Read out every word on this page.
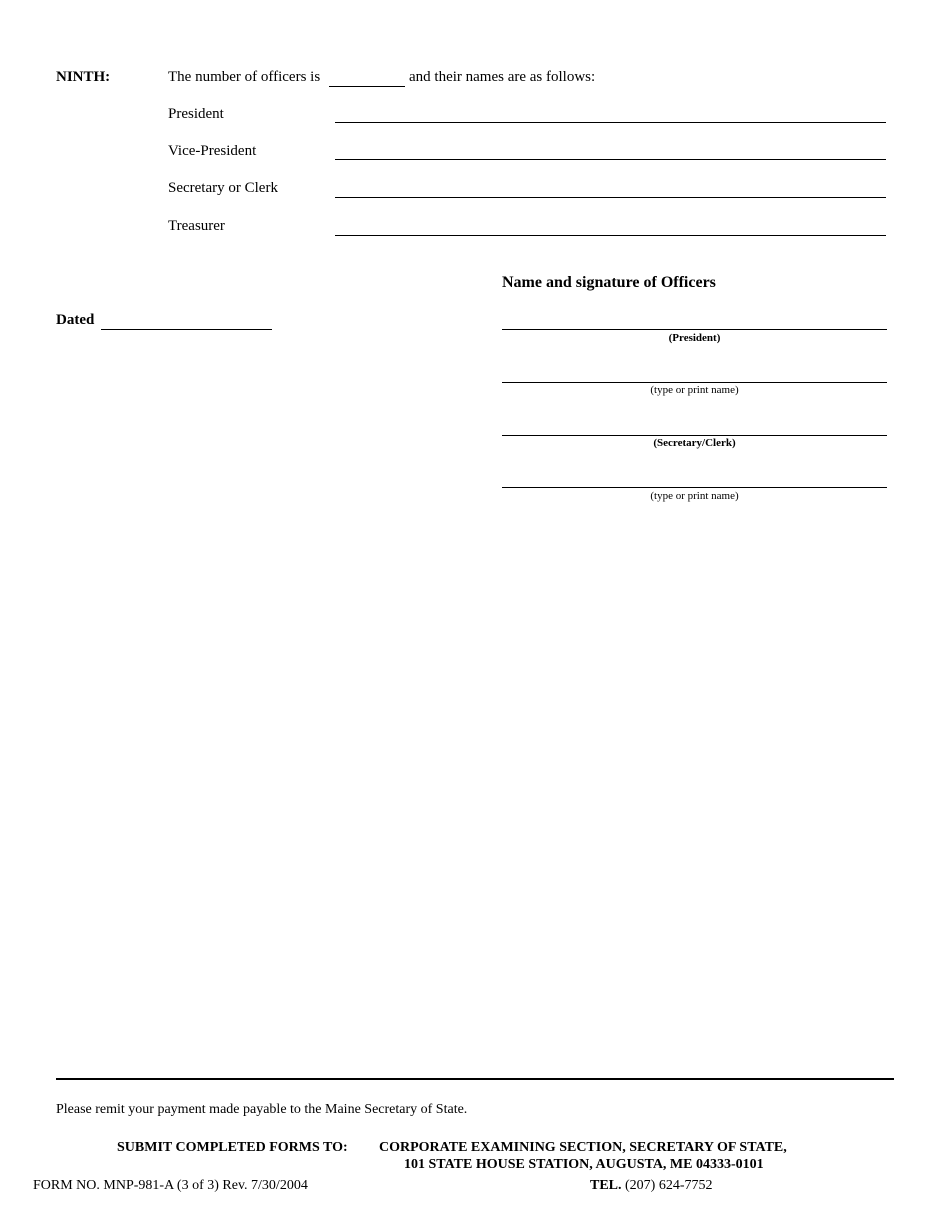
NINTH:	The number of officers is	and their names are as follows:
President
Vice-President
Secretary or Clerk
Treasurer
Name and signature of Officers
Dated
(President)
(type or print name)
(Secretary/Clerk)
(type or print name)
Please remit your payment made payable to the Maine Secretary of State.
SUBMIT COMPLETED FORMS TO: CORPORATE EXAMINING SECTION, SECRETARY OF STATE,
101 STATE HOUSE STATION, AUGUSTA, ME 04333-0101
FORM NO. MNP-981-A (3 of 3) Rev. 7/30/2004	TEL. (207) 624-7752
